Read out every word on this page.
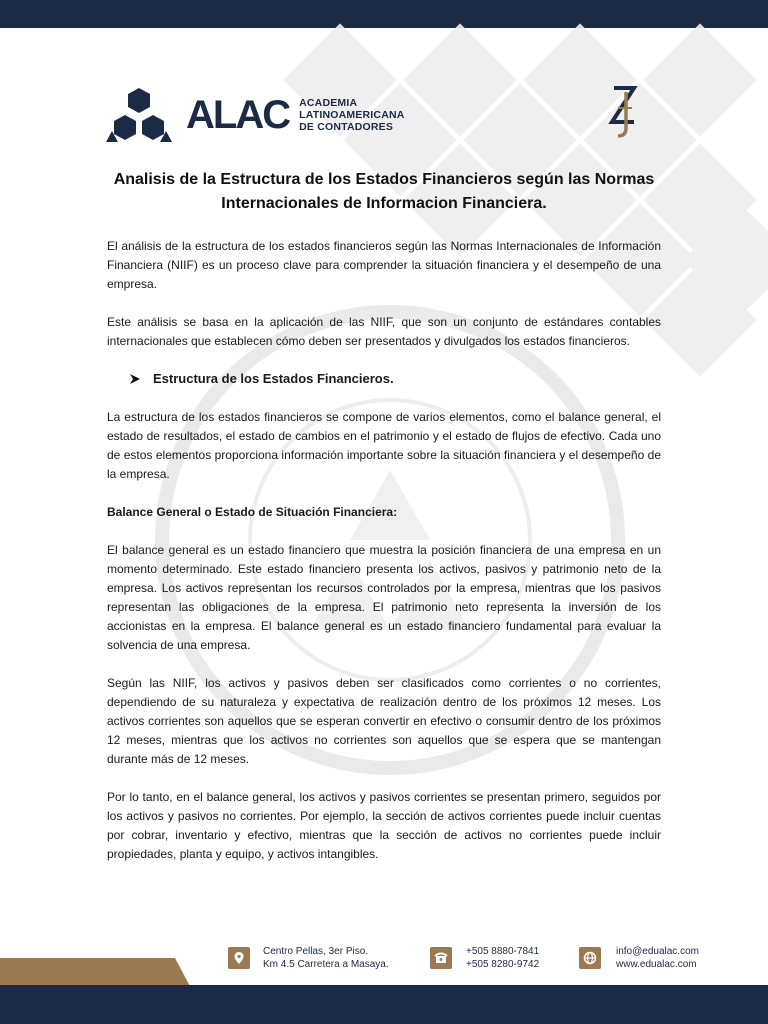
ALAC ACADEMIA
LATINOAMERICANA
DE CONTADORES
Analisis de la Estructura de los Estados Financieros según las Normas Internacionales de Informacion Financiera.

El análisis de la estructura de los estados financieros según las Normas Internacionales de Información Financiera (NIIF) es un proceso clave para comprender la situación financiera y el desempeño de una empresa.

Este análisis se basa en la aplicación de las NIIF, que son un conjunto de estándares contables internacionales que establecen cómo deben ser presentados y divulgados los estados financieros.

Estructura de los Estados Financieros.

La estructura de los estados financieros se compone de varios elementos, como el balance general, el estado de resultados, el estado de cambios en el patrimonio y el estado de flujos de efectivo. Cada uno de estos elementos proporciona información importante sobre la situación financiera y el desempeño de la empresa.

Balance General o Estado de Situación Financiera:

El balance general es un estado financiero que muestra la posición financiera de una empresa en un momento determinado. Este estado financiero presenta los activos, pasivos y patrimonio neto de la empresa. Los activos representan los recursos controlados por la empresa, mientras que los pasivos representan las obligaciones de la empresa. El patrimonio neto representa la inversión de los accionistas en la empresa. El balance general es un estado financiero fundamental para evaluar la solvencia de una empresa.

Según las NIIF, los activos y pasivos deben ser clasificados como corrientes o no corrientes, dependiendo de su naturaleza y expectativa de realización dentro de los próximos 12 meses. Los activos corrientes son aquellos que se esperan convertir en efectivo o consumir dentro de los próximos 12 meses, mientras que los activos no corrientes son aquellos que se espera que se mantengan durante más de 12 meses.

Por lo tanto, en el balance general, los activos y pasivos corrientes se presentan primero, seguidos por los activos y pasivos no corrientes. Por ejemplo, la sección de activos corrientes puede incluir cuentas por cobrar, inventario y efectivo, mientras que la sección de activos no corrientes puede incluir propiedades, planta y equipo, y activos intangibles.

Centro Pellas, 3er Piso.
Km 4.5 Carretera a Masaya.
+505 8880-7841
+505 8280-9742
info@edualac.com
www.edualac.com
